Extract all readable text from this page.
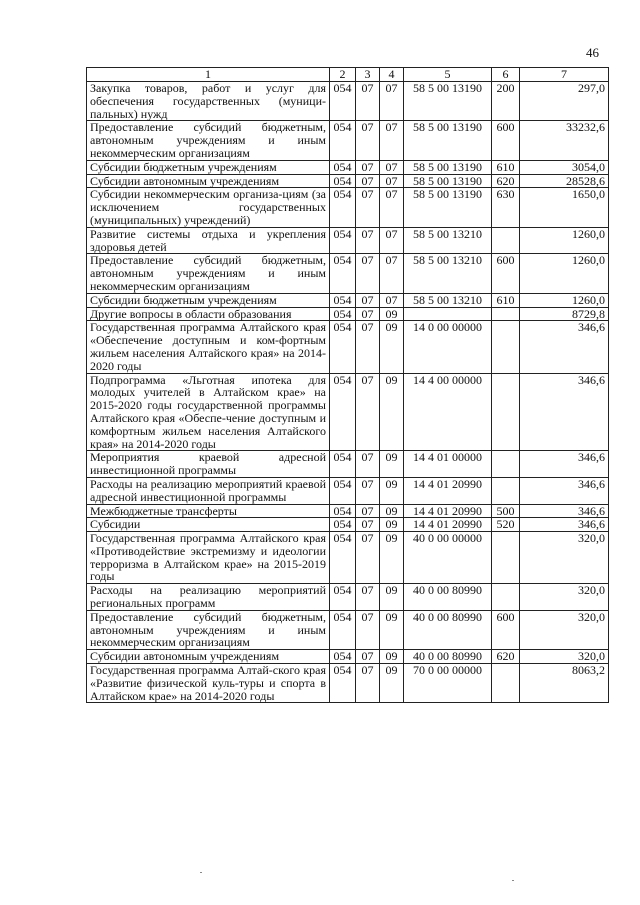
46
1	2	3	4	5	6	7
Закупка товаров, работ и услуг для обеспечения государственных (муници-пальных) нужд	054	07	07	58 5 00 13190	200	297,0
Предоставление субсидий бюджетным, автономным учреждениям и иным некоммерческим организациям	054	07	07	58 5 00 13190	600	33232,6
Субсидии бюджетным учреждениям	054	07	07	58 5 00 13190	610	3054,0
Субсидии автономным учреждениям	054	07	07	58 5 00 13190	620	28528,6
Субсидии некоммерческим организа-циям (за исключением государственных (муниципальных) учреждений)	054	07	07	58 5 00 13190	630	1650,0
Развитие системы отдыха и укрепления здоровья детей	054	07	07	58 5 00 13210		1260,0
Предоставление субсидий бюджетным, автономным учреждениям и иным некоммерческим организациям	054	07	07	58 5 00 13210	600	1260,0
Субсидии бюджетным учреждениям	054	07	07	58 5 00 13210	610	1260,0
Другие вопросы в области образования	054	07	09			8729,8
Государственная программа Алтайского края «Обеспечение доступным и ком-фортным жильем населения Алтайского края» на 2014-2020 годы	054	07	09	14 0 00 00000		346,6
Подпрограмма «Льготная ипотека для молодых учителей в Алтайском крае» на 2015-2020 годы государственной программы Алтайского края «Обеспе-чение доступным и комфортным жильем населения Алтайского края» на 2014-2020 годы	054	07	09	14 4 00 00000		346,6
Мероприятия краевой адресной инвестиционной программы	054	07	09	14 4 01 00000		346,6
Расходы на реализацию мероприятий краевой адресной инвестиционной программы	054	07	09	14 4 01 20990		346,6
Межбюджетные трансферты	054	07	09	14 4 01 20990	500	346,6
Субсидии	054	07	09	14 4 01 20990	520	346,6
Государственная программа Алтайского края «Противодействие экстремизму и идеологии терроризма в Алтайском крае» на 2015-2019 годы	054	07	09	40 0 00 00000		320,0
Расходы на реализацию мероприятий региональных программ	054	07	09	40 0 00 80990		320,0
Предоставление субсидий бюджетным, автономным учреждениям и иным некоммерческим организациям	054	07	09	40 0 00 80990	600	320,0
Субсидии автономным учреждениям	054	07	09	40 0 00 80990	620	320,0
Государственная программа Алтай-ского края «Развитие физической куль-туры и спорта в Алтайском крае» на 2014-2020 годы	054	07	09	70 0 00 00000		8063,2
